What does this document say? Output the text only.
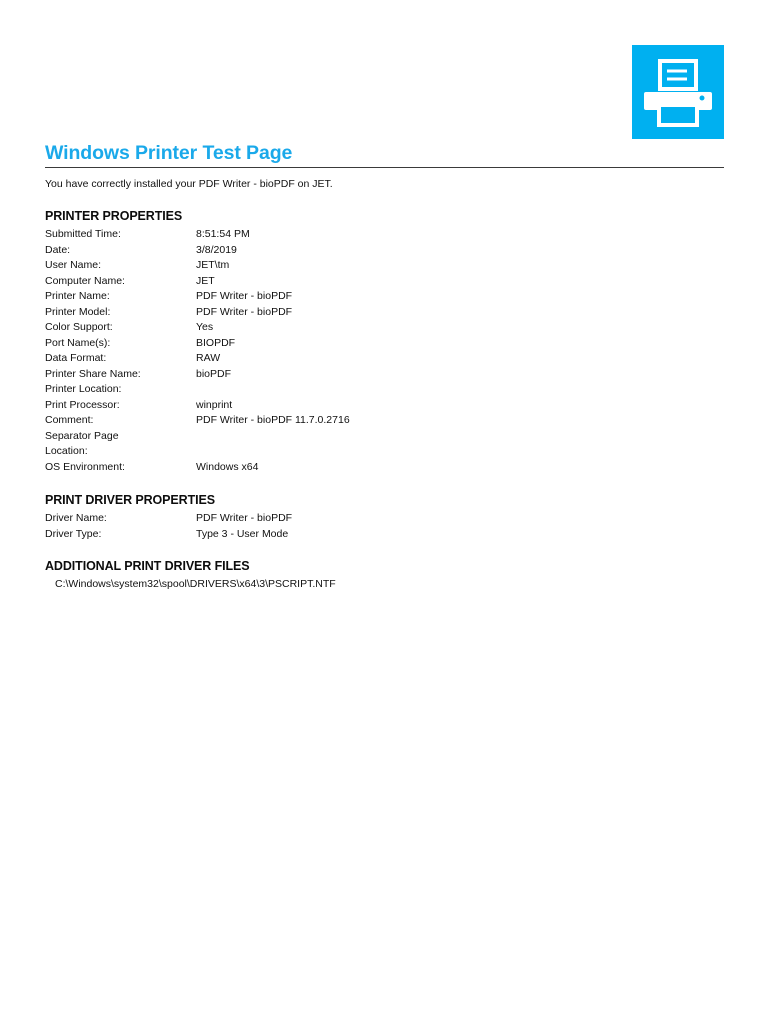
Windows Printer Test Page
You have correctly installed your PDF Writer - bioPDF on JET.
PRINTER PROPERTIES
Submitted Time:	8:51:54 PM
Date:	3/8/2019
User Name:	JET\tm
Computer Name:	JET
Printer Name:	PDF Writer - bioPDF
Printer Model:	PDF Writer - bioPDF
Color Support:	Yes
Port Name(s):	BIOPDF
Data Format:	RAW
Printer Share Name:	bioPDF
Printer Location:
Print Processor:	winprint
Comment:	PDF Writer - bioPDF 11.7.0.2716
Separator Page
Location:
OS Environment:	Windows x64
PRINT DRIVER PROPERTIES
Driver Name:	PDF Writer - bioPDF
Driver Type:	Type 3 - User Mode
ADDITIONAL PRINT DRIVER FILES
C:\Windows\system32\spool\DRIVERS\x64\3\PSCRIPT.NTF
